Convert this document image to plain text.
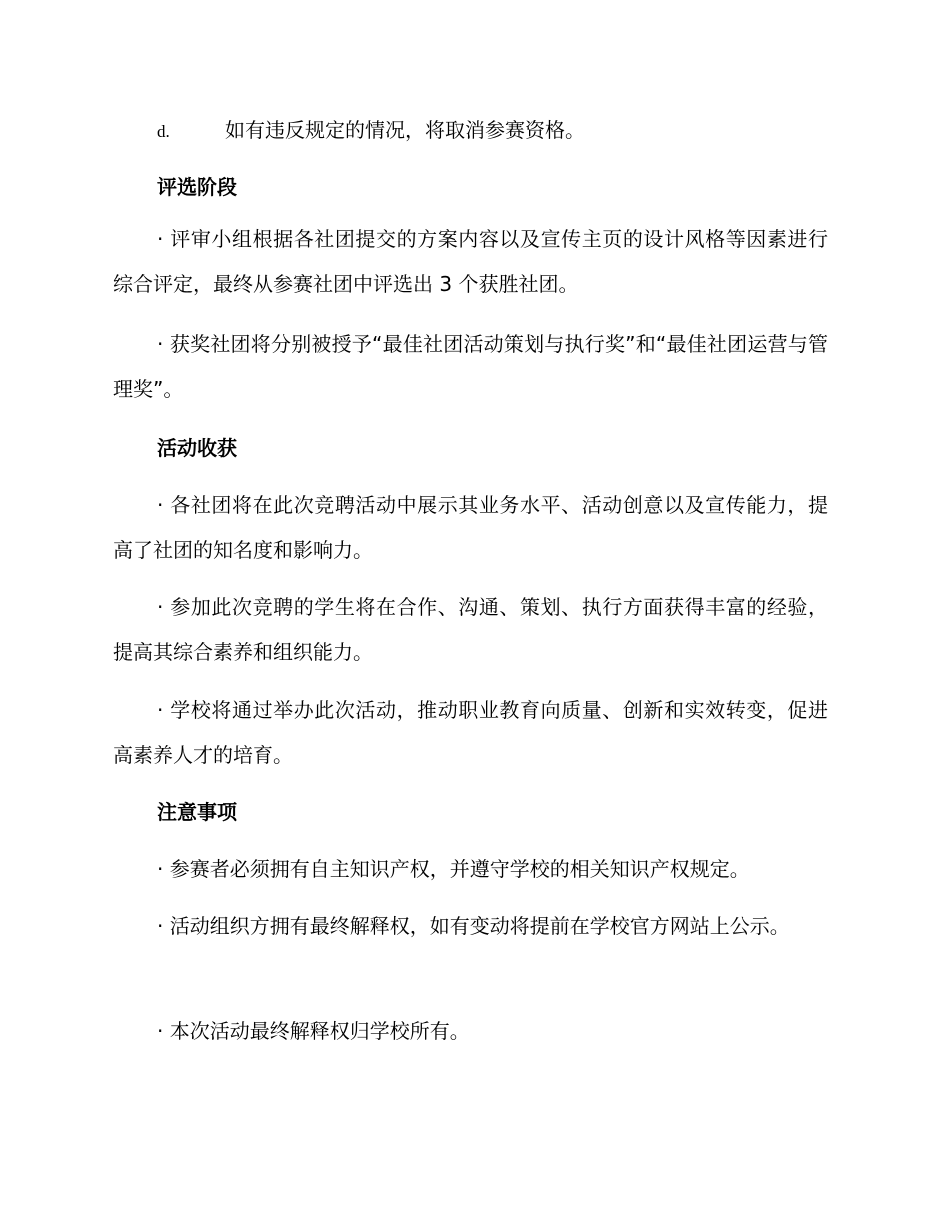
d.	如有违反规定的情况，将取消参赛资格。
评选阶段

· 评审小组根据各社团提交的方案内容以及宣传主页的设计风格等因素进行综合评定，最终从参赛社团中评选出 3 个获胜社团。

· 获奖社团将分别被授予“最佳社团活动策划与执行奖”和“最佳社团运营与管理奖”。

活动收获

· 各社团将在此次竞聘活动中展示其业务水平、活动创意以及宣传能力，提高了社团的知名度和影响力。

· 参加此次竞聘的学生将在合作、沟通、策划、执行方面获得丰富的经验，提高其综合素养和组织能力。

· 学校将通过举办此次活动，推动职业教育向质量、创新和实效转变，促进高素养人才的培育。

注意事项

· 参赛者必须拥有自主知识产权，并遵守学校的相关知识产权规定。

· 活动组织方拥有最终解释权，如有变动将提前在学校官方网站上公示。

· 本次活动最终解释权归学校所有。
